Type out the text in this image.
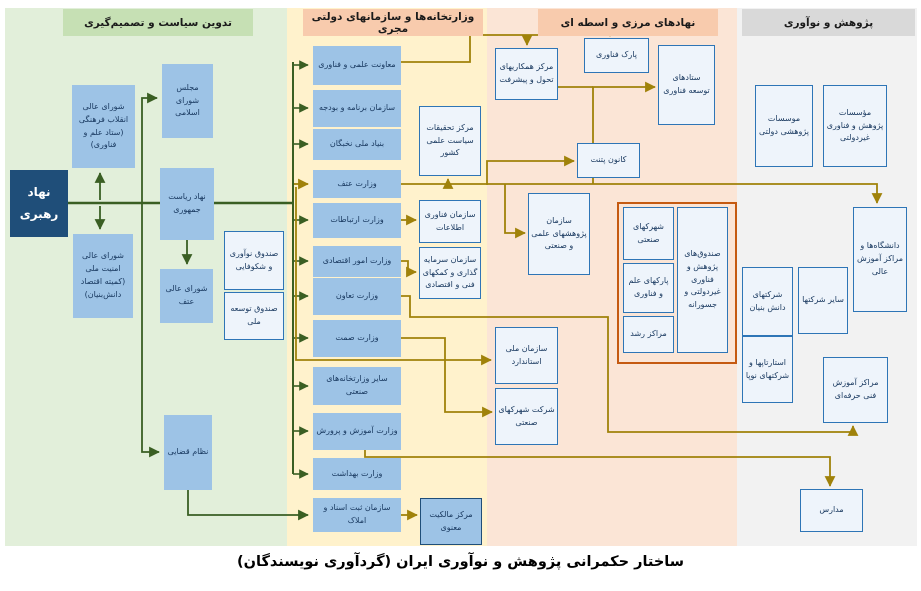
تدوین سیاست و تصمیم‌گیری	وزارتخانه‌ها و سازمانهای دولتی مجری	نهادهای مرزی و اسطه ای	پژوهش و نوآوری
نهاد رهبری
شورای عالی انقلاب فرهنگی (ستاد علم و فناوری)
مجلس شورای اسلامی
نهاد ریاست جمهوری
شورای عالی امنیت ملی (کمیته اقتصاد دانش‌بنیان)
شورای عالی عتف
صندوق نوآوری و شکوفایی
صندوق توسعه ملی
نظام قضایی
معاونت علمی و فناوری
سازمان برنامه و بودجه
بنیاد ملی نخبگان
وزارت عتف
وزارت ارتباطات
وزارت امور اقتصادی
وزارت تعاون
وزارت صمت
سایر وزارتخانه‌های صنعتی
وزارت آموزش و پرورش
وزارت بهداشت
سازمان ثبت اسناد و املاک
مرکز تحقیقات سیاست علمی کشور
سازمان فناوری اطلاعات
سازمان سرمایه گذاری و کمکهای فنی و اقتصادی
مرکز مالکیت معنوی
مرکز همکاریهای تحول و پیشرفت
پارک فناوری
ستادهای توسعه فناوری
کانون پتنت
سازمان پژوهشهای علمی و صنعتی
شهرکهای صنعتی
پارکهای علم و فناوری
مراکز رشد
صندوق‌های پژوهش و فناوری غیردولتی و جسورانه
سازمان ملی استاندارد
شرکت شهرکهای صنعتی
موسسات پژوهشی دولتی
مؤسسات پژوهش و فناوری غیردولتی
دانشگاه‌ها و مراکز آموزش عالی
شرکتهای دانش بنیان
سایر شرکتها
استارتاپها و شرکتهای نوپا
مراکز آموزش فنی حرفه‌ای
مدارس
ساختار حکمرانی پژوهش و نوآوری ایران (گردآوری نویسندگان)
